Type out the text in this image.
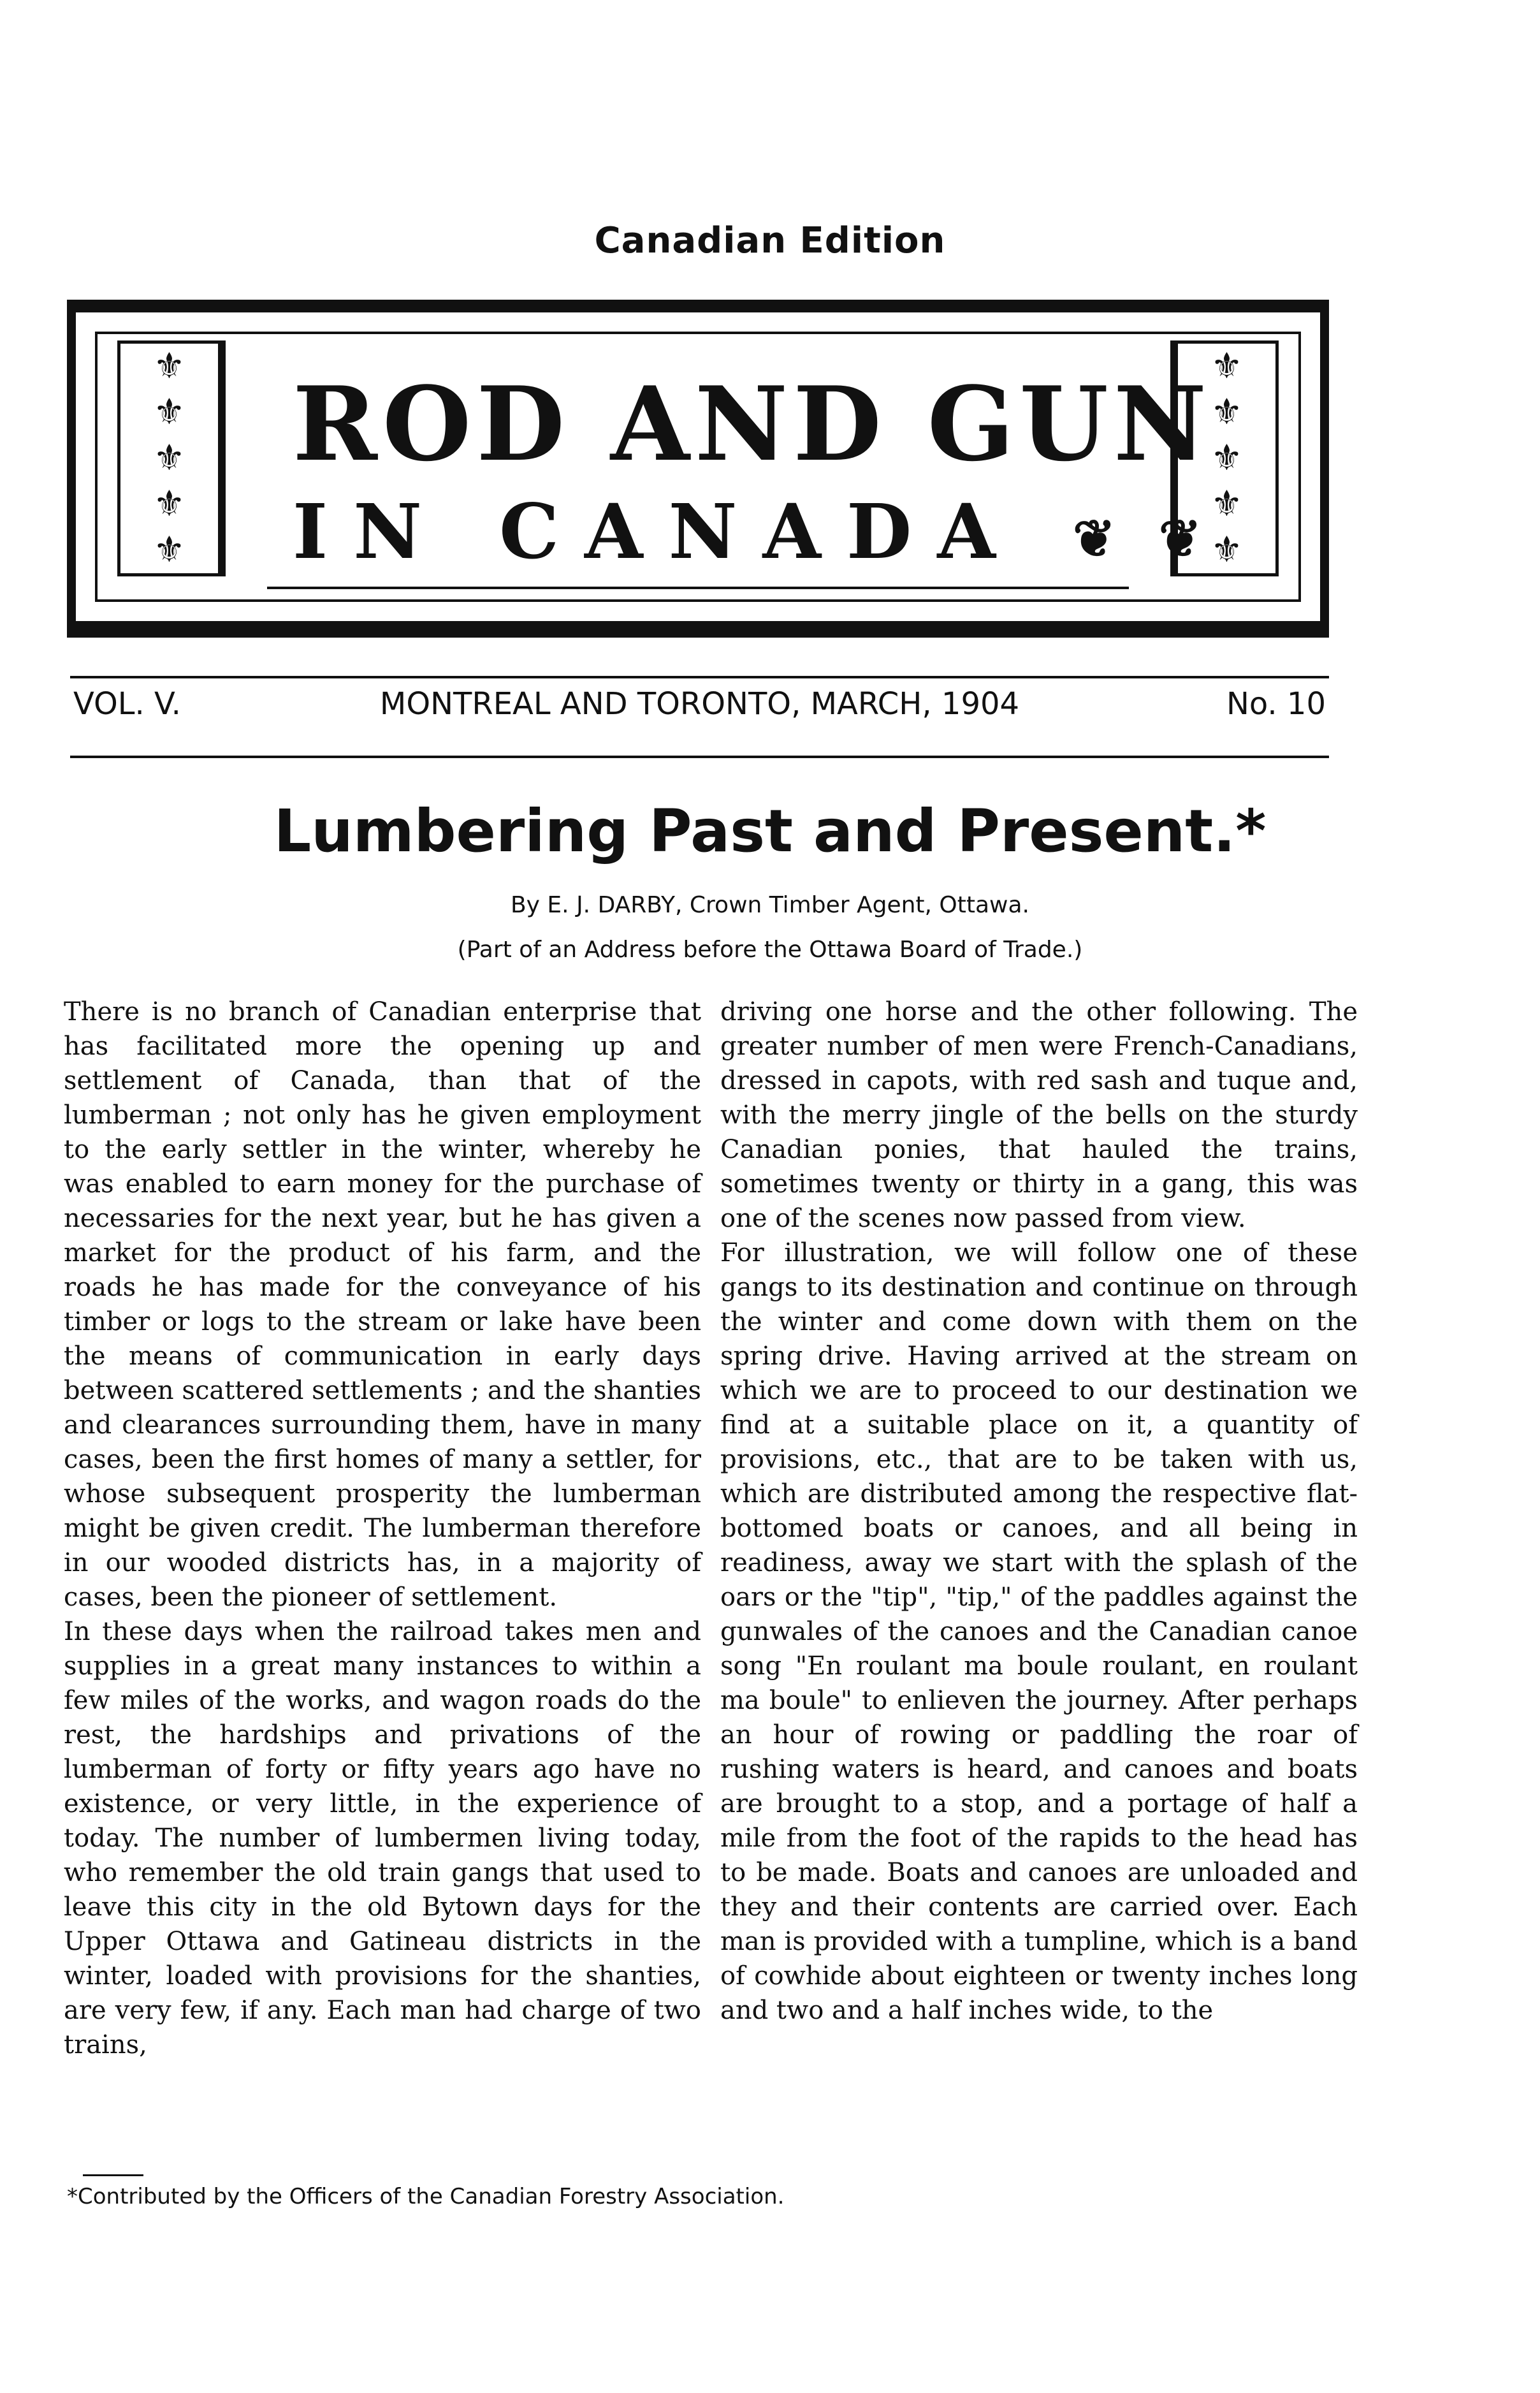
Canadian Edition
⚜
⚜
⚜
⚜
⚜
ROD AND GUN
IN CANADA ❦ ❦
⚜
⚜
⚜
⚜
⚜
VOL. V.	MONTREAL AND TORONTO, MARCH, 1904	No. 10
Lumbering Past and Present.*
By E. J. DARBY, Crown Timber Agent, Ottawa.
(Part of an Address before the Ottawa Board of Trade.)

There is no branch of Canadian enterprise that has facilitated more the opening up and settlement of Canada, than that of the lumberman ; not only has he given employment to the early settler in the winter, whereby he was enabled to earn money for the purchase of necessaries for the next year, but he has given a market for the product of his farm, and the roads he has made for the conveyance of his timber or logs to the stream or lake have been the means of communication in early days between scattered settlements ; and the shanties and clearances surrounding them, have in many cases, been the first homes of many a settler, for whose subsequent prosperity the lumberman might be given credit. The lumberman therefore in our wooded districts has, in a majority of cases, been the pioneer of settlement.

In these days when the railroad takes men and supplies in a great many instances to within a few miles of the works, and wagon roads do the rest, the hardships and privations of the lumberman of forty or fifty years ago have no existence, or very little, in the experience of today. The number of lumbermen living today, who remember the old train gangs that used to leave this city in the old Bytown days for the Upper Ottawa and Gatineau districts in the winter, loaded with provisions for the shanties, are very few, if any. Each man had charge of two trains,

driving one horse and the other following. The greater number of men were French-Canadians, dressed in capots, with red sash and tuque and, with the merry jingle of the bells on the sturdy Canadian ponies, that hauled the trains, sometimes twenty or thirty in a gang, this was one of the scenes now passed from view.

For illustration, we will follow one of these gangs to its destination and continue on through the winter and come down with them on the spring drive. Having arrived at the stream on which we are to proceed to our destination we find at a suitable place on it, a quantity of provisions, etc., that are to be taken with us, which are distributed among the respective flat-bottomed boats or canoes, and all being in readiness, away we start with the splash of the oars or the "tip", "tip," of the paddles against the gunwales of the canoes and the Canadian canoe song "En roulant ma boule roulant, en roulant ma boule" to enlieven the journey. After perhaps an hour of rowing or paddling the roar of rushing waters is heard, and canoes and boats are brought to a stop, and a portage of half a mile from the foot of the rapids to the head has to be made. Boats and canoes are unloaded and they and their contents are carried over. Each man is provided with a tumpline, which is a band of cowhide about eighteen or twenty inches long and two and a half inches wide, to the

*Contributed by the Officers of the Canadian Forestry Association.
